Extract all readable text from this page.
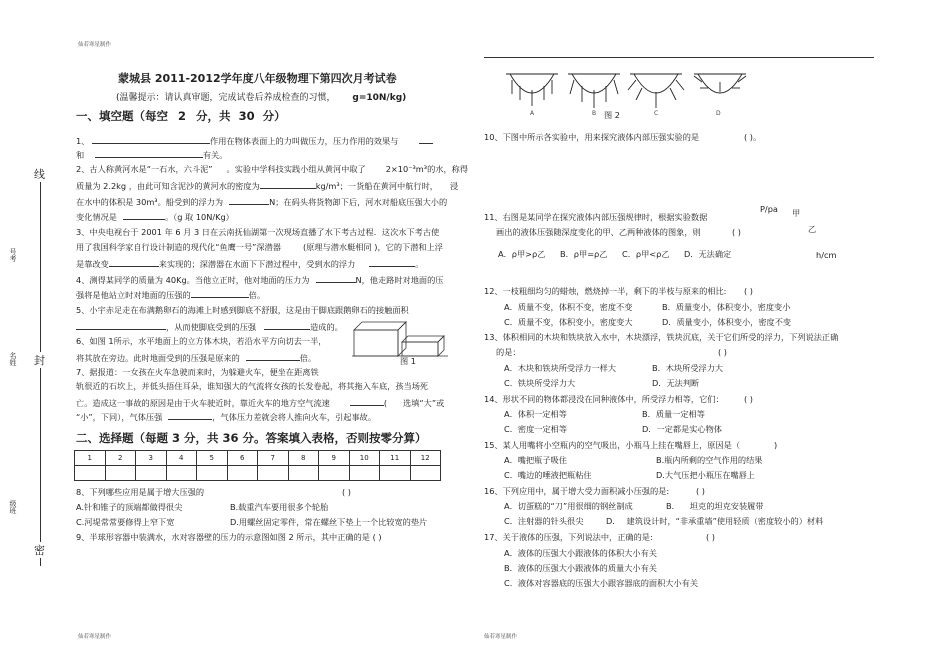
仙若寒星制作
仙若寒星制作	仙若寒星制作
线
封
密
号考
名姓
级班
蒙城县 2011-2012学年度八年级物理下第四次月考试卷
(温馨提示：请认真审题，完成试卷后养成检查的习惯， g=10N/kg)
一、填空题（每空 2 分，共 30 分）
1、	作用在物体表面上的力叫做压力，压力作用的效果与
和	有关。
2、古人称黄河水是“一石水，六斗泥” 。实验中学科技实践小组从黄河中取了 2×10⁻³m³的水，称得
质量为 2.2kg ，由此可知含泥沙的黄河水的密度为	kg/m³；一货船在黄河中航行时， 浸
在水中的体积是 30m³。船受到的浮力为	N；在码头将货物卸下后，河水对船底压强大小的
变化情况是	。（g 取 10N/Kg）
3、中央电视台于 2001 年 6 月 3 日在云南抚仙湖第一次现场直播了水下考古过程．这次水下考古使
用了我国科学家自行设计制造的现代化“鱼鹰一号”深潜器	(原理与潜水艇相同 )，它的下潜和上浮
是靠改变	来实现的；深潜器在水面下下潜过程中，受到水的浮力	。
4、测得某同学的质量为 40Kg。当他立正时，他对地面的压力为	N，他走路时对地面的压
强将是他站立时对地面的压强的	倍。
5、小宇赤足走在布满鹅卵石的海滩上时感到脚底不舒服，这是由于脚底跟鹅卵石的接触面积
，从而使脚底受到的压强	造成的。
6、如图 1所示，水平地面上的立方体木块，若沿水平方向切去一半，
将其放在旁边。此时地面受到的压强是原来的	倍。	图 1
7、据报道：一女孩在火车急驶而来时，为躲避火车，便坐在距离铁
轨很近的石坎上，并低头捂住耳朵，谁知强大的气流将女孩的长发卷起，将其拖入车底，孩当场死
亡。造成这一事故的原因是由于火车驶近时，靠近火车的地方空气流速	( 选填“大”或
“小”，下同），气体压强	，气体压力差就会将人推向火车，引起事故。
二、选择题（每题 3 分，共 36 分。答案填入表格，否则按零分算）
1	2	3	4	5	6	7	8	9	10	11	12

8、下列哪些应用是属于增大压强的	( )
A.针和锥子的顶端都做得很尖	B.载重汽车要用很多个轮胎
C.河堤常常要修得上窄下宽	D.用螺丝固定零件，常在螺丝下垫上一个比较宽的垫片
9、半球形容器中装满水，水对容器壁的压力的示意图如图 2 所示，其中正确的是 ( )
A	B	C	D
图 2
10、下图中所示各实验中，用来探究液体内部压强实验的是	( )。
11、右图是某同学在探究液体内部压强规律时，根据实验数据
画出的液体压强随深度变化的甲、乙两种液体的图象，则	( )
A．ρ甲>ρ乙 B．ρ甲=ρ乙 C．ρ甲<ρ乙 D．无法确定
P/pa 甲
乙
h/cm
12、一枝粗细均匀的蜡烛，燃烧掉一半，剩下的半枝与原来的相比: ( )
A．质量不变，体积不变，密度不变	B．质量变小，体积变小，密度变小
C．质量不变，体积变小，密度变大	D．质量变小，体积变小，密度不变
13、体积相同的木块和铁块放入水中，木块漂浮，铁块沉底，关于它们所受的浮力，下列说法正确
的是：	( )
A．木块和铁块所受浮力一样大	B．木块所受浮力大
C．铁块所受浮力大	D．无法判断
14、形状不同的物体都浸没在同种液体中，所受浮力相等，它们： ( )
A．体积一定相等	B．质量一定相等
C．密度一定相等	D．一定都是实心物体
15、某人用嘴将小空瓶内的空气吸出，小瓶马上挂在嘴唇上，原因是（	)
A．嘴把瓶子吸住	B.瓶内所剩的空气作用的结果
C．嘴边的唾液把瓶粘住	D.大气压把小瓶压在嘴唇上
16、下列应用中，属于增大受力面积减小压强的是:	( )
A．切蛋糕的“刀”用很细的钢丝制成	B． 坦克的坦克安装履带
C．注射器的针头很尖	D． 建筑设计时，“非承重墙”使用轻质（密度较小的）材料
17、关于液体的压强，下列说法中，正确的是:	( )
A．液体的压强大小跟液体的体积大小有关
B．液体的压强大小跟液体的质量大小有关
C．液体对容器底的压强大小跟容器底的面积大小有关
